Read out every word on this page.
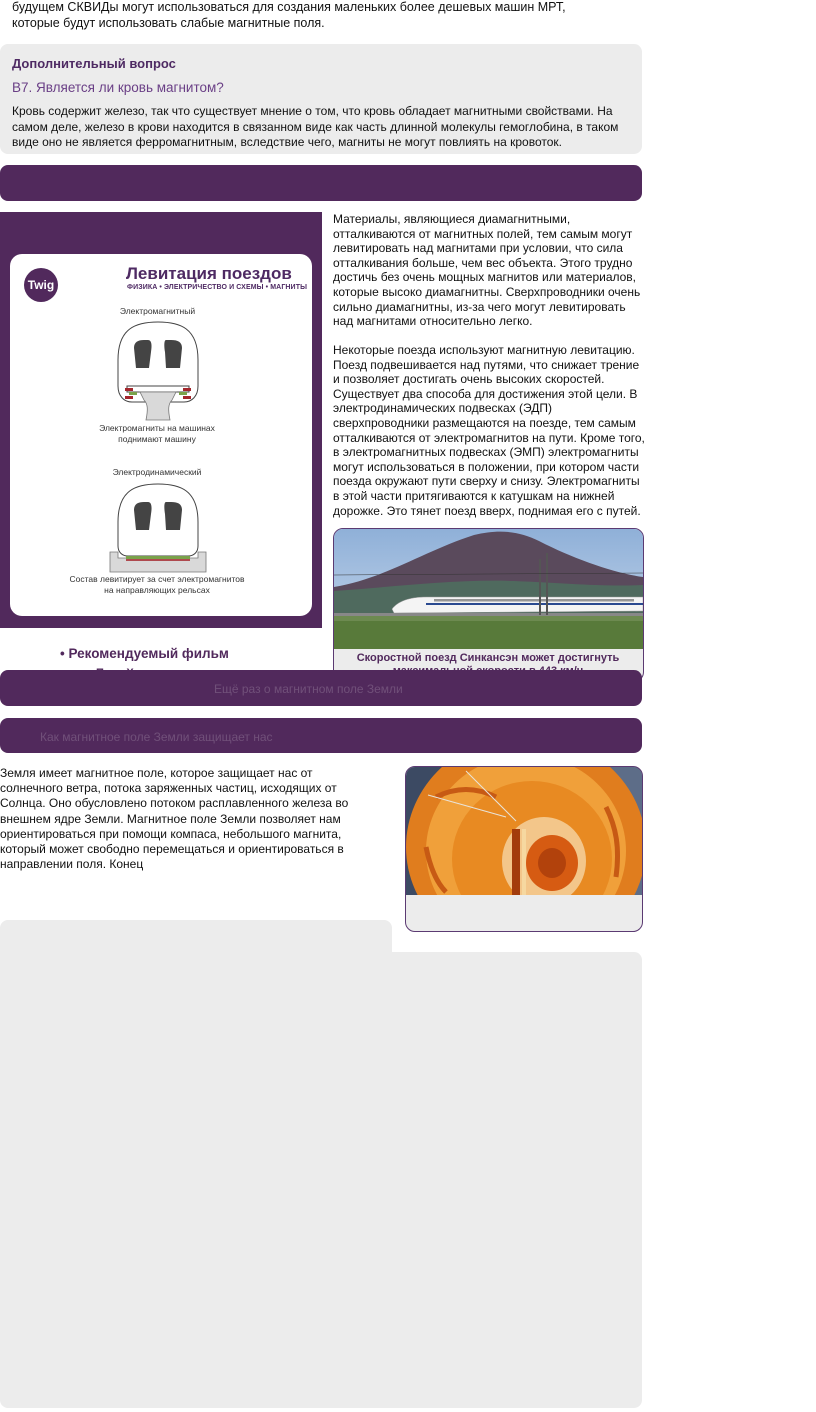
будущем СКВИДы могут использоваться для создания маленьких более дешевых машин МРТ, которые будут использовать слабые магнитные поля.
Дополнительный вопрос
В7. Является ли кровь магнитом?
Кровь содержит железо, так что существует мнение о том, что кровь обладает магнитными свойствами. На самом деле, железо в крови находится в связанном виде как часть длинной молекулы гемоглобина, в таком виде оно не является ферромагнитным, вследствие чего, магниты не могут повлиять на кровоток.
Twig
Левитация поездов
ФИЗИКА • ЭЛЕКТРИЧЕСТВО И СХЕМЫ • МАГНИТЫ
Электромагнитный
Электромагниты на машинах
поднимают машину
Электродинамический
Состав левитирует за счет электромагнитов
на направляющих рельсах
Материалы, являющиеся диамагнитными, отталкиваются от магнитных полей, тем самым могут левитировать над магнитами при условии, что сила отталкивания больше, чем вес объекта. Этого трудно достичь без очень мощных магнитов или материалов, которые высоко диамагнитны. Сверхпроводники очень сильно диамагнитны, из-за чего могут левитировать над магнитами относительно легко.
Некоторые поезда используют магнитную левитацию. Поезд подвешивается над путями, что снижает трение и позволяет достигать очень высоких скоростей. Существует два способа для достижения этой цели. В электродинамических подвесках (ЭДП) сверхпроводники размещаются на поезде, тем самым отталкиваются от электромагнитов на пути. Кроме того, в электромагнитных подвесках (ЭМП) электромагниты могут использоваться в положении, при котором части поезда окружают пути сверху и снизу. Электромагниты в этой части притягиваются к катушкам на нижней дорожке. Это тянет поезд вверх, поднимая его с путей.
Скоростной поезд Синкансэн может достигнуть
• Рекомендуемый фильм
Ещё раз о магнитном поле Земли
Как магнитное поле Земли защищает нас
Земля имеет магнитное поле, которое защищает нас от солнечного ветра, потока заряженных частиц, исходящих от Солнца. Оно обусловлено потоком расплавленного железа во внешнем ядре Земли. Магнитное поле Земли позволяет нам ориентироваться при помощи компаса, небольшого магнита, который может свободно перемещаться и ориентироваться в направлении поля. Конец
